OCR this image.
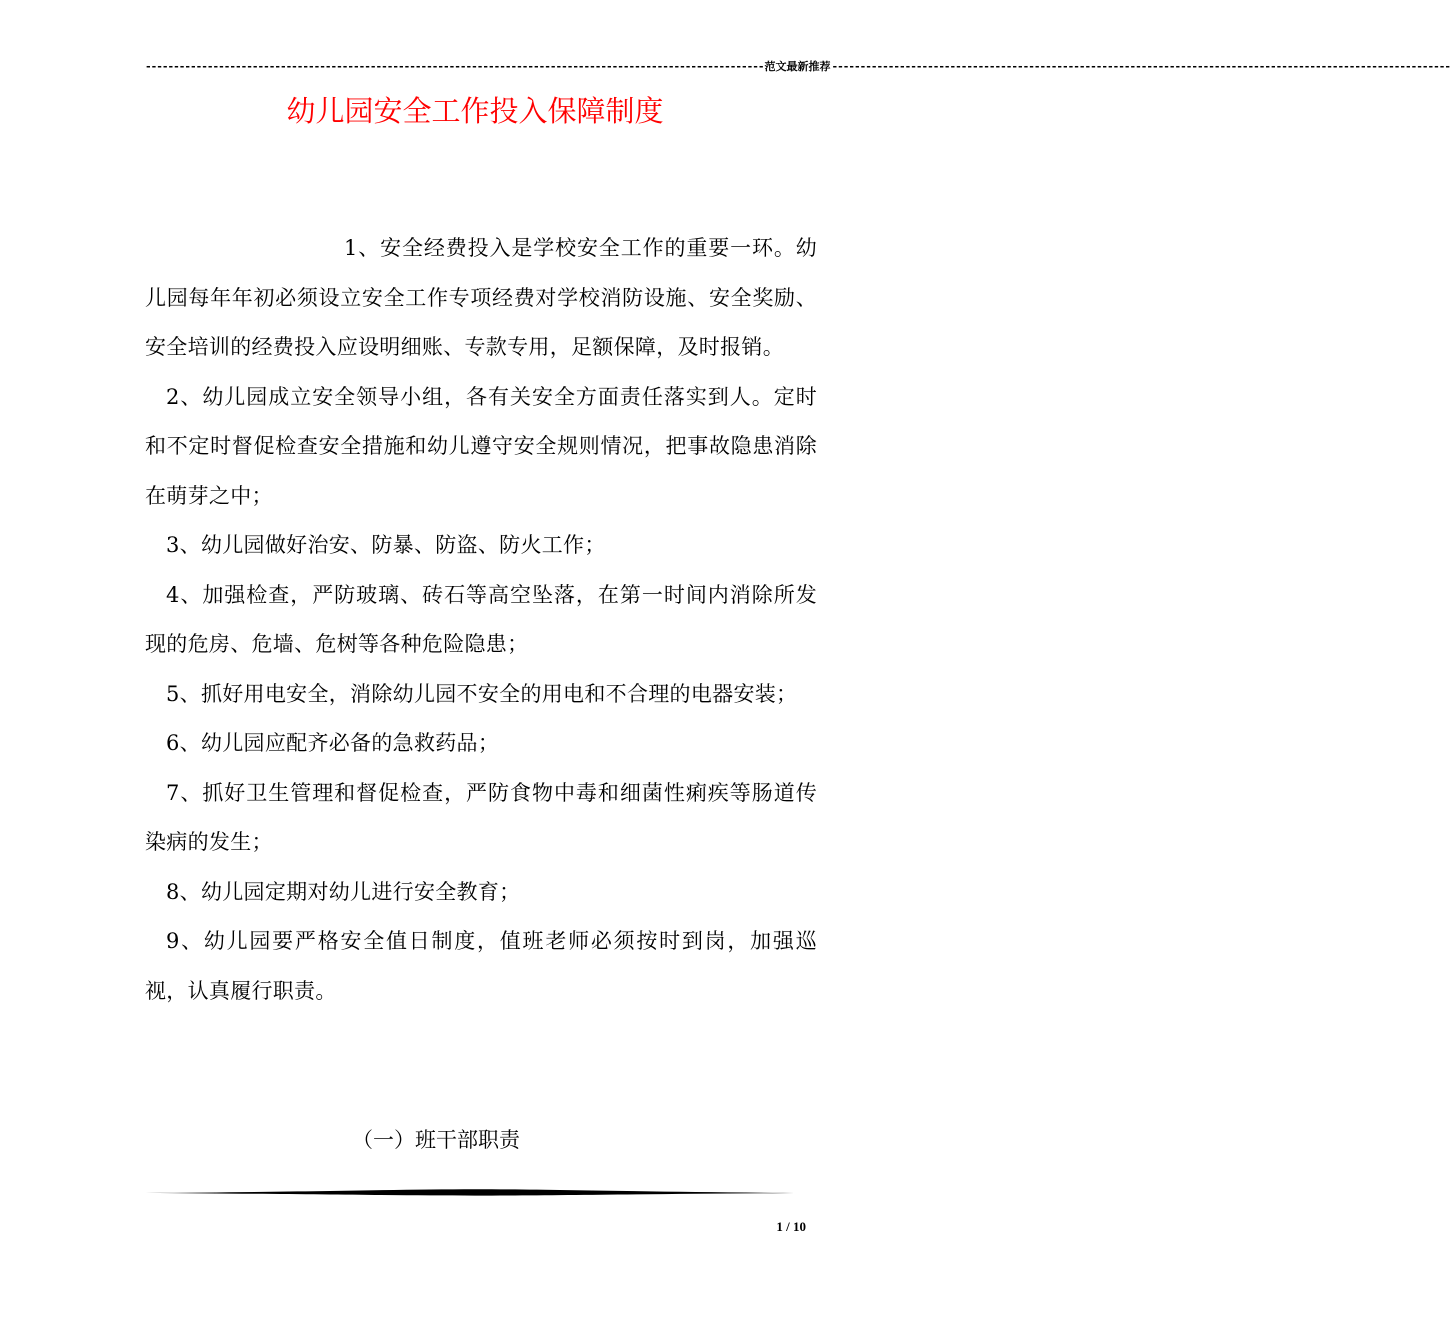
-------------------------------------------------------------------------------------------------------------- 范文最新推荐 --------------------------------------------------------------------------------------------------------------
幼儿园安全工作投入保障制度

1、安全经费投入是学校安全工作的重要一环。幼儿园每年年初必须设立安全工作专项经费对学校消防设施、安全奖励、安全培训的经费投入应设明细账、专款专用，足额保障，及时报销。

2、幼儿园成立安全领导小组，各有关安全方面责任落实到人。定时和不定时督促检查安全措施和幼儿遵守安全规则情况，把事故隐患消除在萌芽之中；

3、幼儿园做好治安、防暴、防盗、防火工作；

4、加强检查，严防玻璃、砖石等高空坠落，在第一时间内消除所发现的危房、危墙、危树等各种危险隐患；

5、抓好用电安全，消除幼儿园不安全的用电和不合理的电器安装；

6、幼儿园应配齐必备的急救药品；

7、抓好卫生管理和督促检查，严防食物中毒和细菌性痢疾等肠道传染病的发生；

8、幼儿园定期对幼儿进行安全教育；

9、幼儿园要严格安全值日制度，值班老师必须按时到岗，加强巡视，认真履行职责。

（一）班干部职责
1 / 10
